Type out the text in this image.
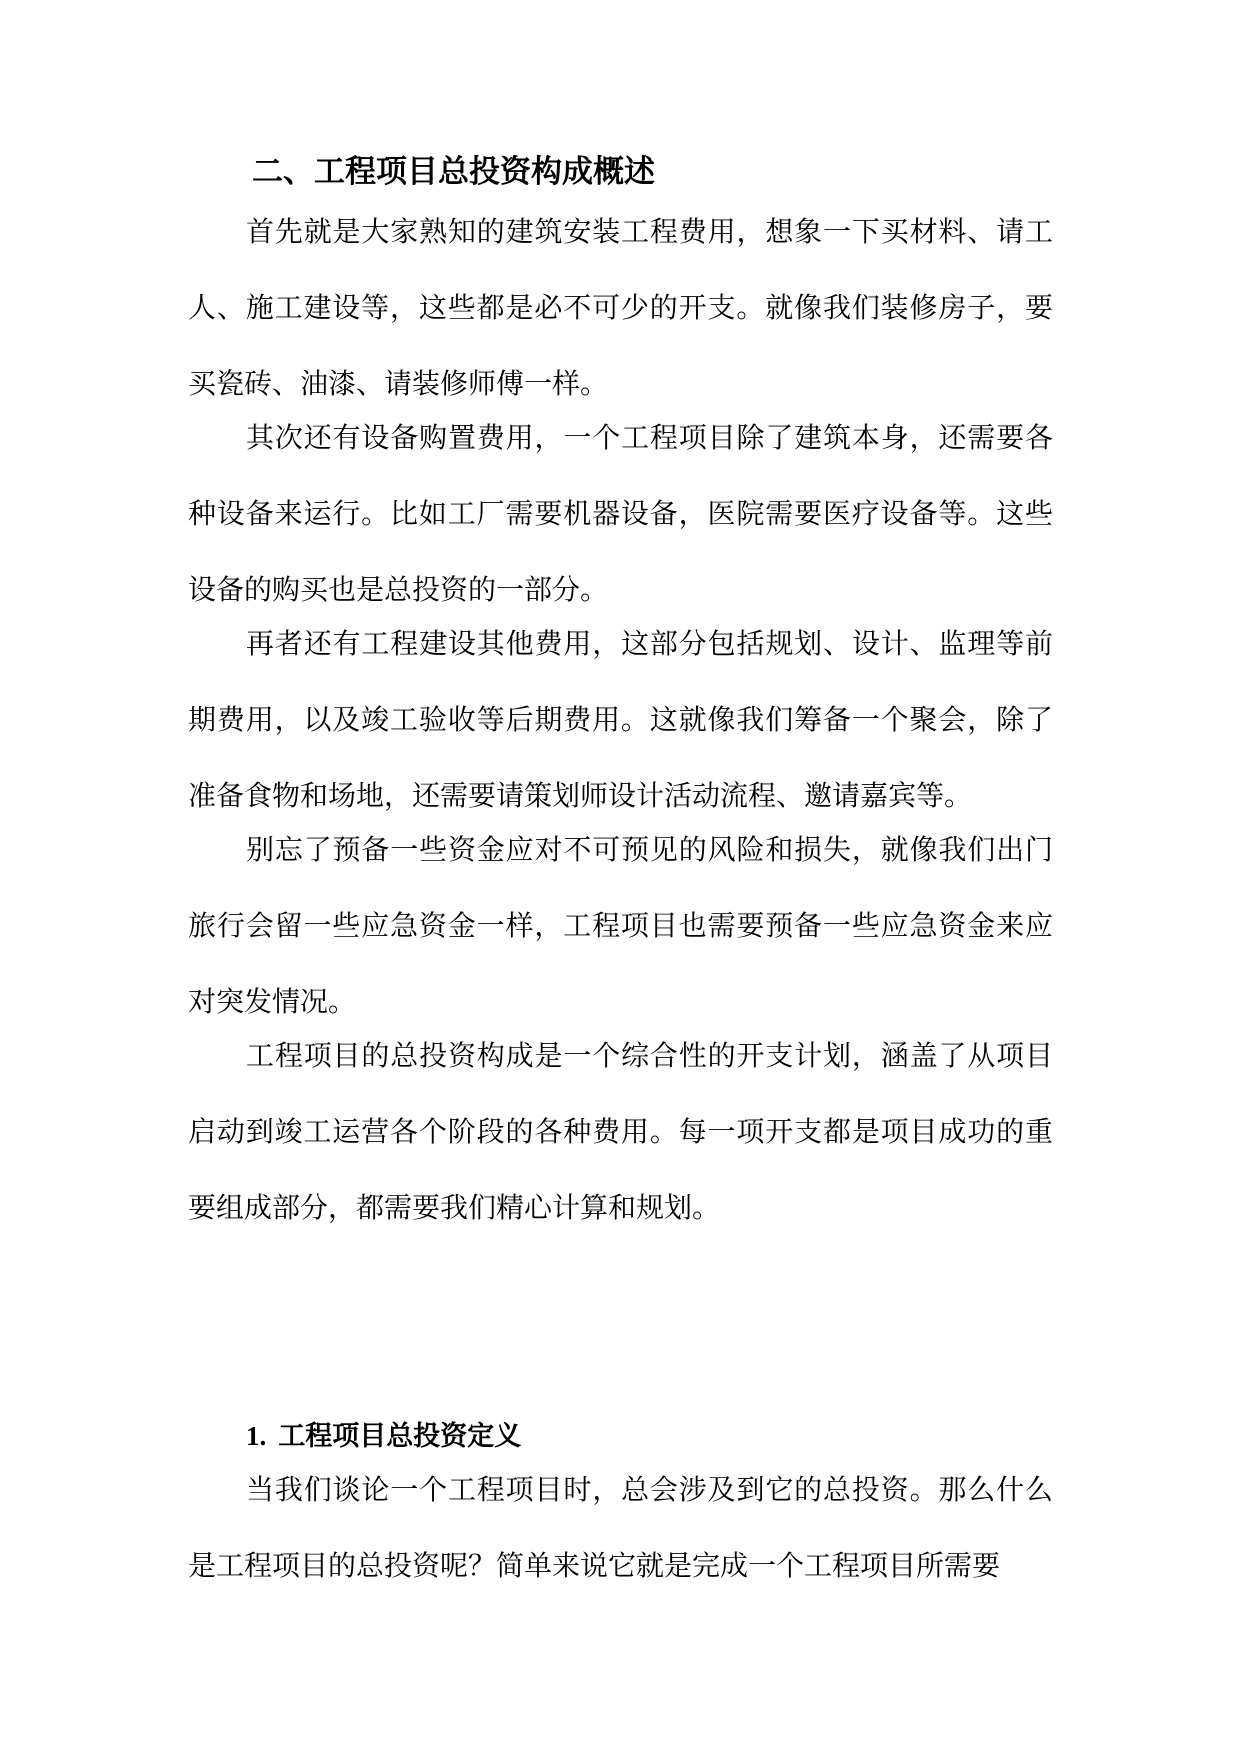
二、工程项目总投资构成概述

首先就是大家熟知的建筑安装工程费用，想象一下买材料、请工人、施工建设等，这些都是必不可少的开支。就像我们装修房子，要买瓷砖、油漆、请装修师傅一样。

其次还有设备购置费用，一个工程项目除了建筑本身，还需要各种设备来运行。比如工厂需要机器设备，医院需要医疗设备等。这些设备的购买也是总投资的一部分。

再者还有工程建设其他费用，这部分包括规划、设计、监理等前期费用，以及竣工验收等后期费用。这就像我们筹备一个聚会，除了准备食物和场地，还需要请策划师设计活动流程、邀请嘉宾等。

别忘了预备一些资金应对不可预见的风险和损失，就像我们出门旅行会留一些应急资金一样，工程项目也需要预备一些应急资金来应对突发情况。

工程项目的总投资构成是一个综合性的开支计划，涵盖了从项目启动到竣工运营各个阶段的各种费用。每一项开支都是项目成功的重要组成部分，都需要我们精心计算和规划。

1. 工程项目总投资定义

当我们谈论一个工程项目时，总会涉及到它的总投资。那么什么是工程项目的总投资呢？简单来说它就是完成一个工程项目所需要
